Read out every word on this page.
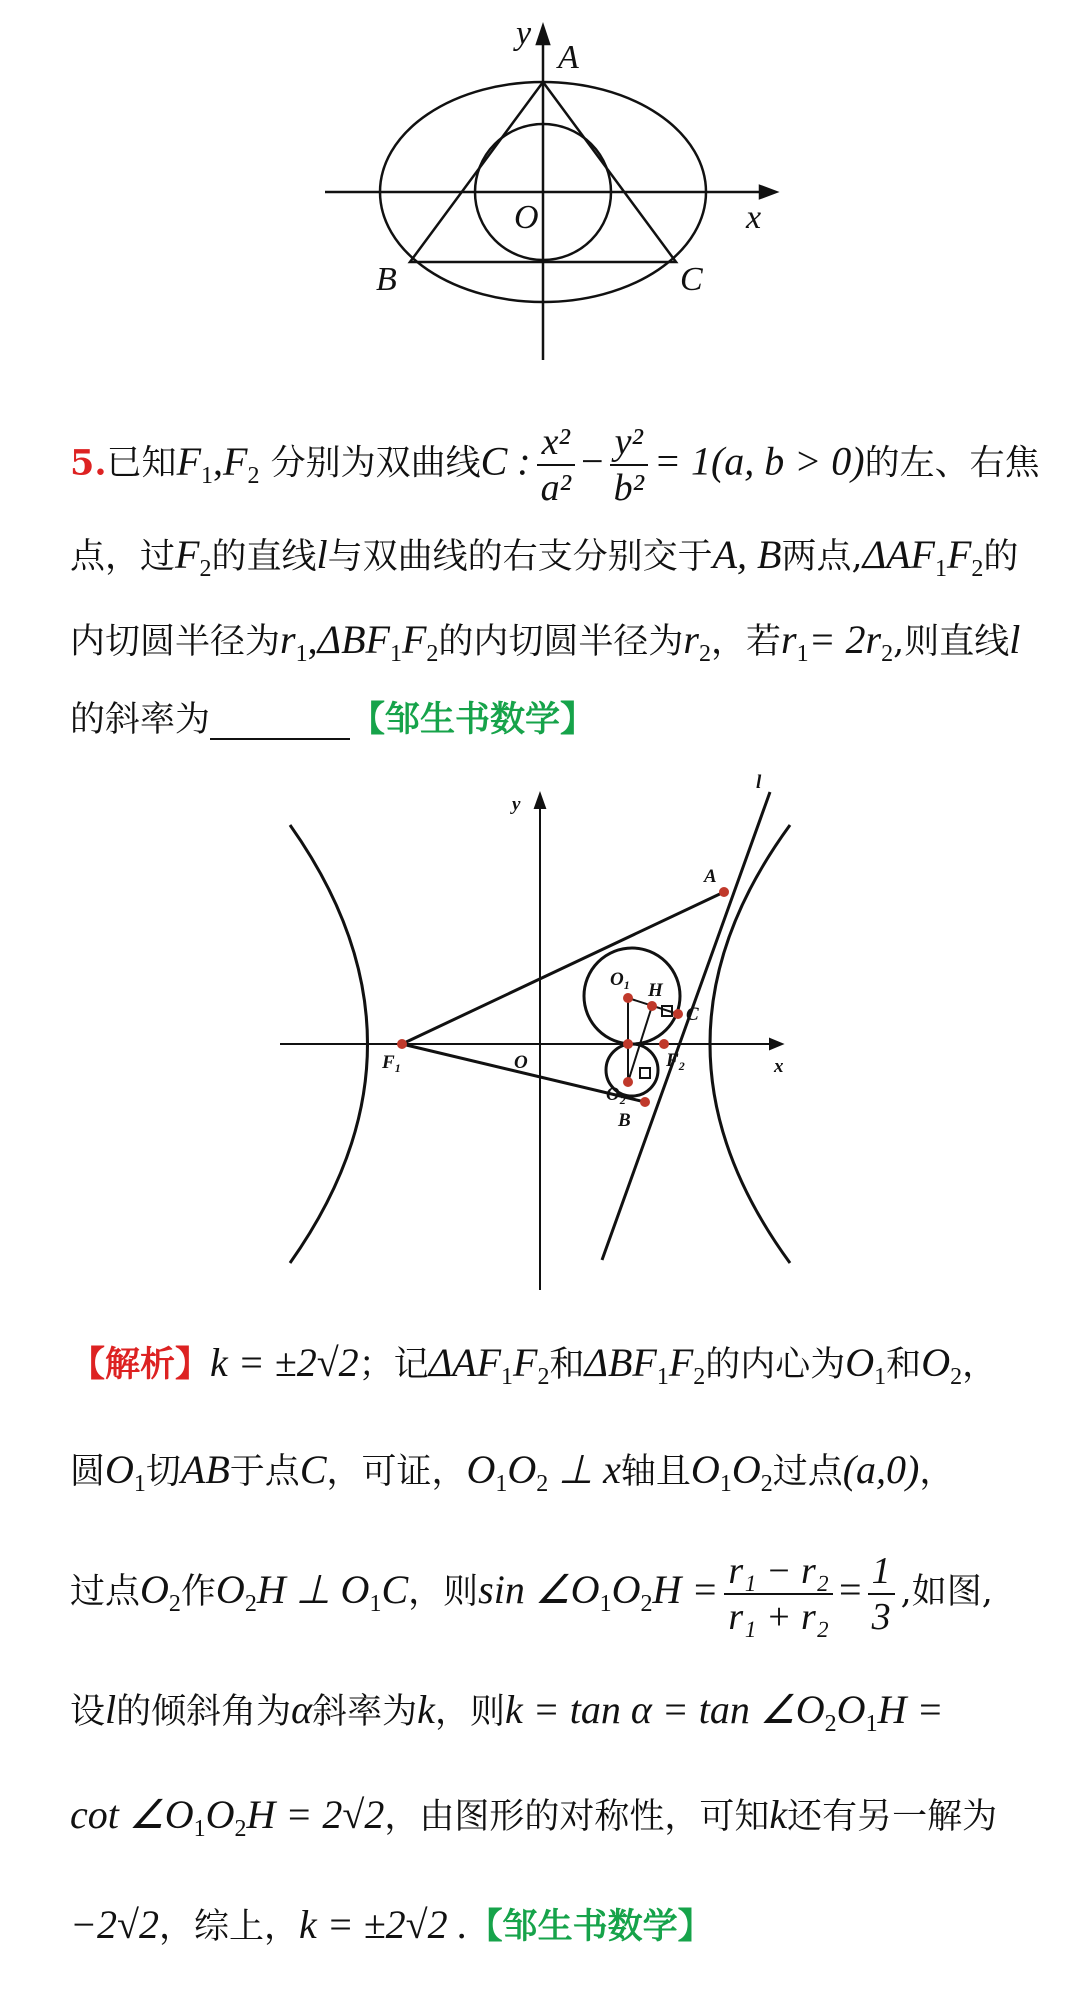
y
A
O	x
B	C
5.已知$F_1,F_2$ 分别为双曲线C : $\frac{\text{x²}}{\text{a²}} - \frac{\text{y²}}{\text{b²}} = 1(a$, b > 0)的左、右焦
点，过$F_2$的直线l与双曲线的右支分别交于A, B两点$,\Delta AF_1F_2$的
内切圆半径为$r_1,\Delta BF_1F_2$的内切圆半径为$r_2$，若$r_1= 2r_2$,则直线l
的斜率为	【邹生书数学】
l
y
A
$O_1$ H
C
$F_1$	O	$F_2$
$O_2$
B
x
【解析】k = ±2√2；记$\Delta AF_1F_2$和$\Delta BF_1F_2$的内心为$O_1$和$O_2$，
圆$O_1$切AB于点C，可证，$O_1O_2$ ⊥ x轴且$O_1O_2$过点(a,0)，
过点$O_2$作$O_2H$ ⊥ $O_1C$，则$\sin \angle O_1O_2H = \frac{\text{r₁ − r₂}}{\text{r₁ + r₂}} = \frac{1}{3}$ ,如图,
设l的倾斜角为α斜率为k，则$k = \tan \alpha = \tan \angle O_2O_1H$ =
$\cot \angle O_1O_2H = 2√2$，由图形的对称性，可知k还有另一解为
−2√2，综上，k = ±2√2 .【邹生书数学】
